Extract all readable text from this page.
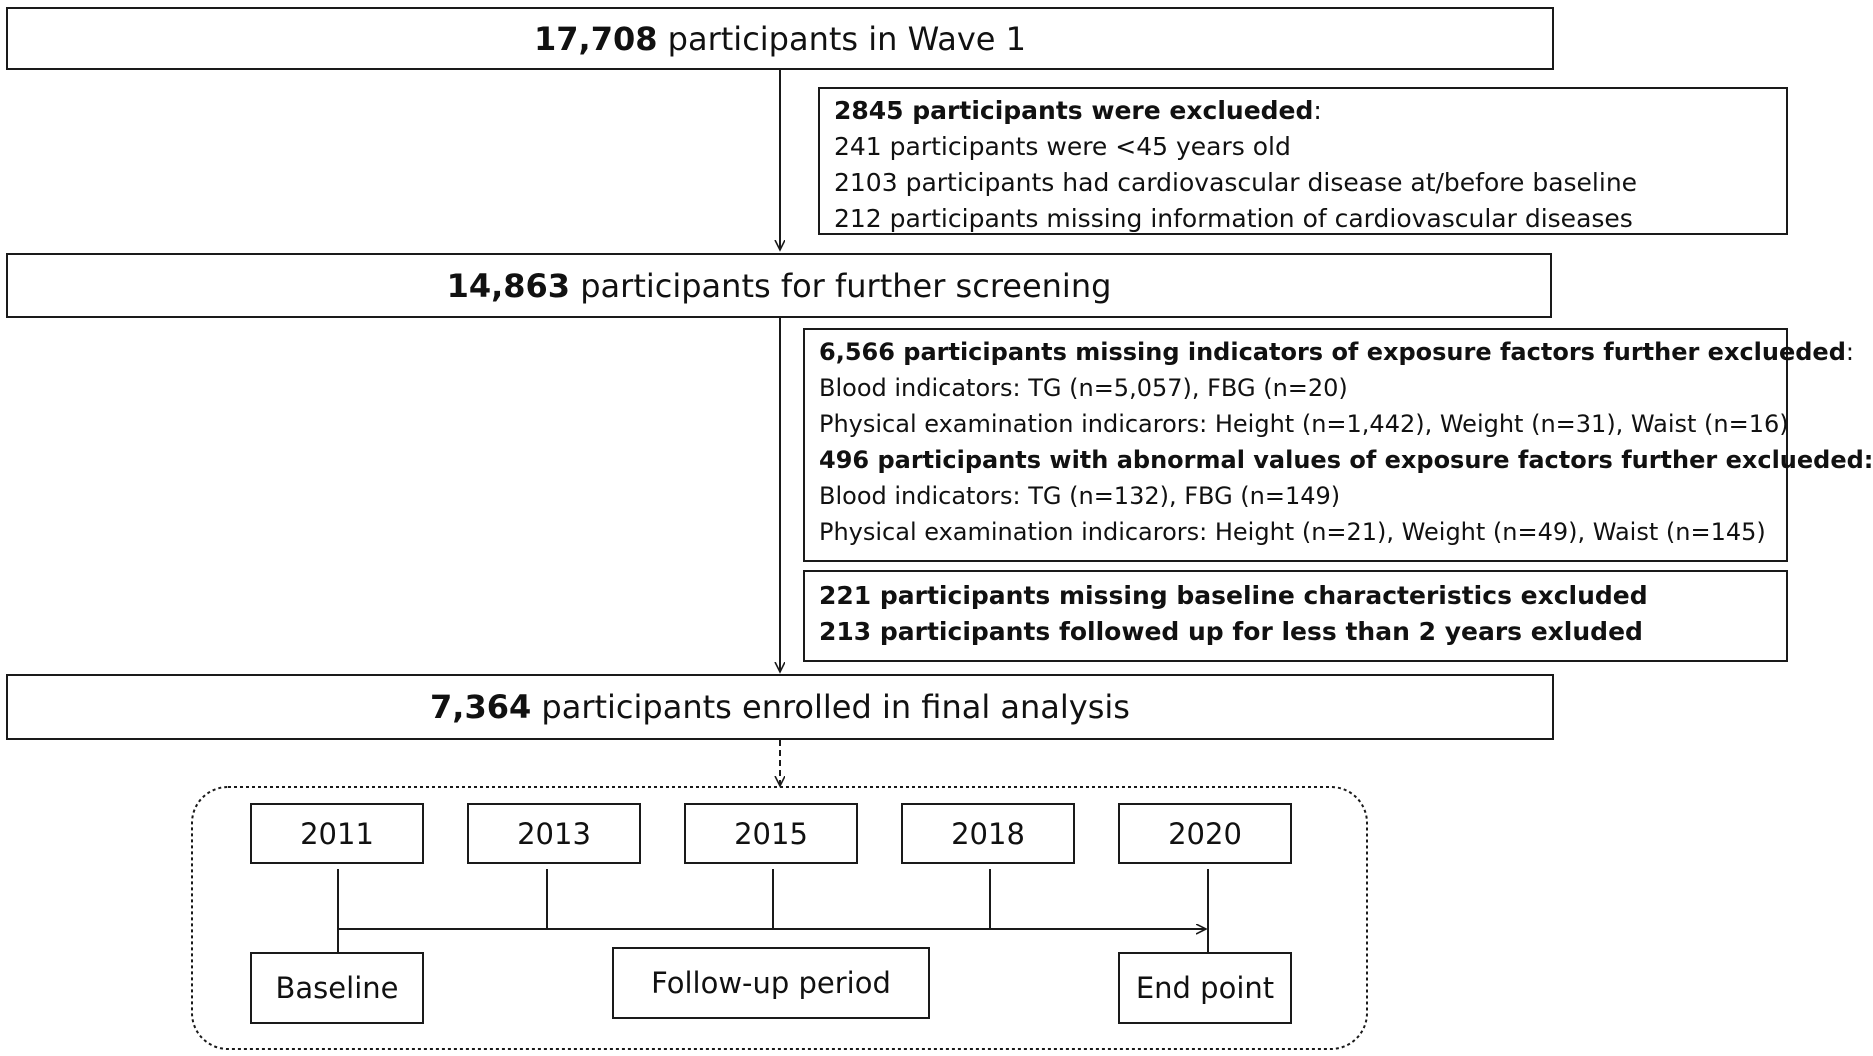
17,708 participants in Wave 1
2845 participants were exclueded:
241 participants were <45 years old
2103 participants had cardiovascular disease at/before baseline
212 participants missing information of cardiovascular diseases
14,863 participants for further screening
6,566 participants missing indicators of exposure factors further exclueded:
Blood indicators: TG (n=5,057), FBG (n=20)
Physical examination indicarors: Height (n=1,442), Weight (n=31), Waist (n=16)
496 participants with abnormal values of exposure factors further exclueded:
Blood indicators: TG (n=132), FBG (n=149)
Physical examination indicarors: Height (n=21), Weight (n=49), Waist (n=145)
221 participants missing baseline characteristics excluded
213 participants followed up for less than 2 years exluded
7,364 participants enrolled in final analysis
2011	2013	2015	2018	2020
Baseline	Follow-up period	End point
